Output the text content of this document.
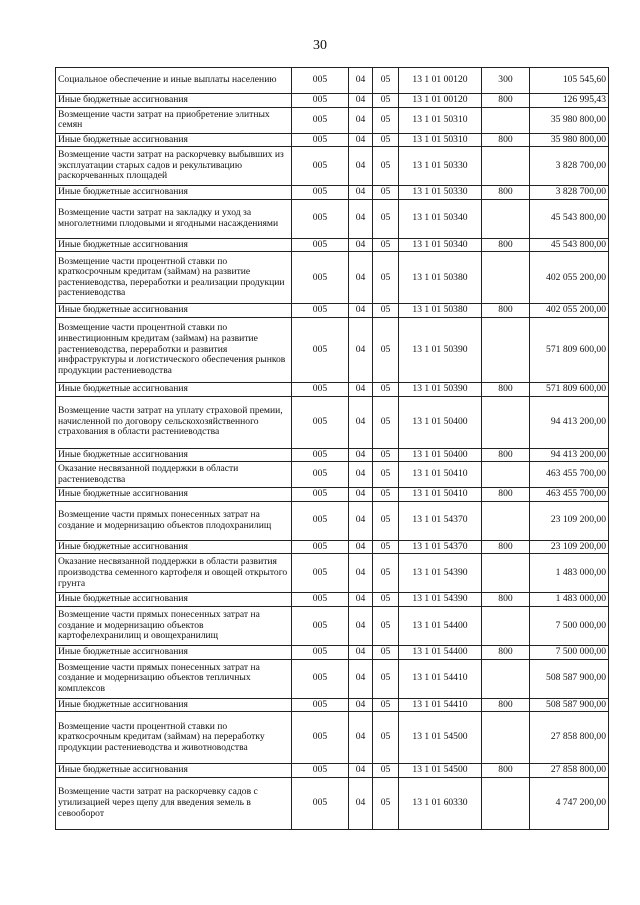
30
Социальное обеспечение и иные выплаты населению	005	04	05	13 1 01 00120	300	105 545,60
Иные бюджетные ассигнования	005	04	05	13 1 01 00120	800	126 995,43
Возмещение части затрат на приобретение элитных семян	005	04	05	13 1 01 50310		35 980 800,00
Иные бюджетные ассигнования	005	04	05	13 1 01 50310	800	35 980 800,00
Возмещение части затрат на раскорчевку выбывших из эксплуатации старых садов и рекультивацию раскорчеванных площадей	005	04	05	13 1 01 50330		3 828 700,00
Иные бюджетные ассигнования	005	04	05	13 1 01 50330	800	3 828 700,00
Возмещение части затрат на закладку и уход за многолетними плодовыми и ягодными насаждениями	005	04	05	13 1 01 50340		45 543 800,00
Иные бюджетные ассигнования	005	04	05	13 1 01 50340	800	45 543 800,00
Возмещение части процентной ставки по краткосрочным кредитам (займам) на развитие растениеводства, переработки и реализации продукции растениеводства	005	04	05	13 1 01 50380		402 055 200,00
Иные бюджетные ассигнования	005	04	05	13 1 01 50380	800	402 055 200,00
Возмещение части процентной ставки по инвестиционным кредитам (займам) на развитие растениеводства, переработки и развития инфраструктуры и логистического обеспечения рынков продукции растениеводства	005	04	05	13 1 01 50390		571 809 600,00
Иные бюджетные ассигнования	005	04	05	13 1 01 50390	800	571 809 600,00
Возмещение части затрат на уплату страховой премии, начисленной по договору сельскохозяйственного страхования в области растениеводства	005	04	05	13 1 01 50400		94 413 200,00
Иные бюджетные ассигнования	005	04	05	13 1 01 50400	800	94 413 200,00
Оказание несвязанной поддержки в области растениеводства	005	04	05	13 1 01 50410		463 455 700,00
Иные бюджетные ассигнования	005	04	05	13 1 01 50410	800	463 455 700,00
Возмещение части прямых понесенных затрат на создание и модернизацию объектов плодохранилищ	005	04	05	13 1 01 54370		23 109 200,00
Иные бюджетные ассигнования	005	04	05	13 1 01 54370	800	23 109 200,00
Оказание несвязанной поддержки в области развития производства семенного картофеля и овощей открытого грунта	005	04	05	13 1 01 54390		1 483 000,00
Иные бюджетные ассигнования	005	04	05	13 1 01 54390	800	1 483 000,00
Возмещение части прямых понесенных затрат на создание и модернизацию объектов картофелехранилищ и овощехранилищ	005	04	05	13 1 01 54400		7 500 000,00
Иные бюджетные ассигнования	005	04	05	13 1 01 54400	800	7 500 000,00
Возмещение части прямых понесенных затрат на создание и модернизацию объектов тепличных комплексов	005	04	05	13 1 01 54410		508 587 900,00
Иные бюджетные ассигнования	005	04	05	13 1 01 54410	800	508 587 900,00
Возмещение части процентной ставки по краткосрочным кредитам (займам) на переработку продукции растениеводства и животноводства	005	04	05	13 1 01 54500		27 858 800,00
Иные бюджетные ассигнования	005	04	05	13 1 01 54500	800	27 858 800,00
Возмещение части затрат на раскорчевку садов с утилизацией через щепу для введения земель в севооборот	005	04	05	13 1 01 60330		4 747 200,00
